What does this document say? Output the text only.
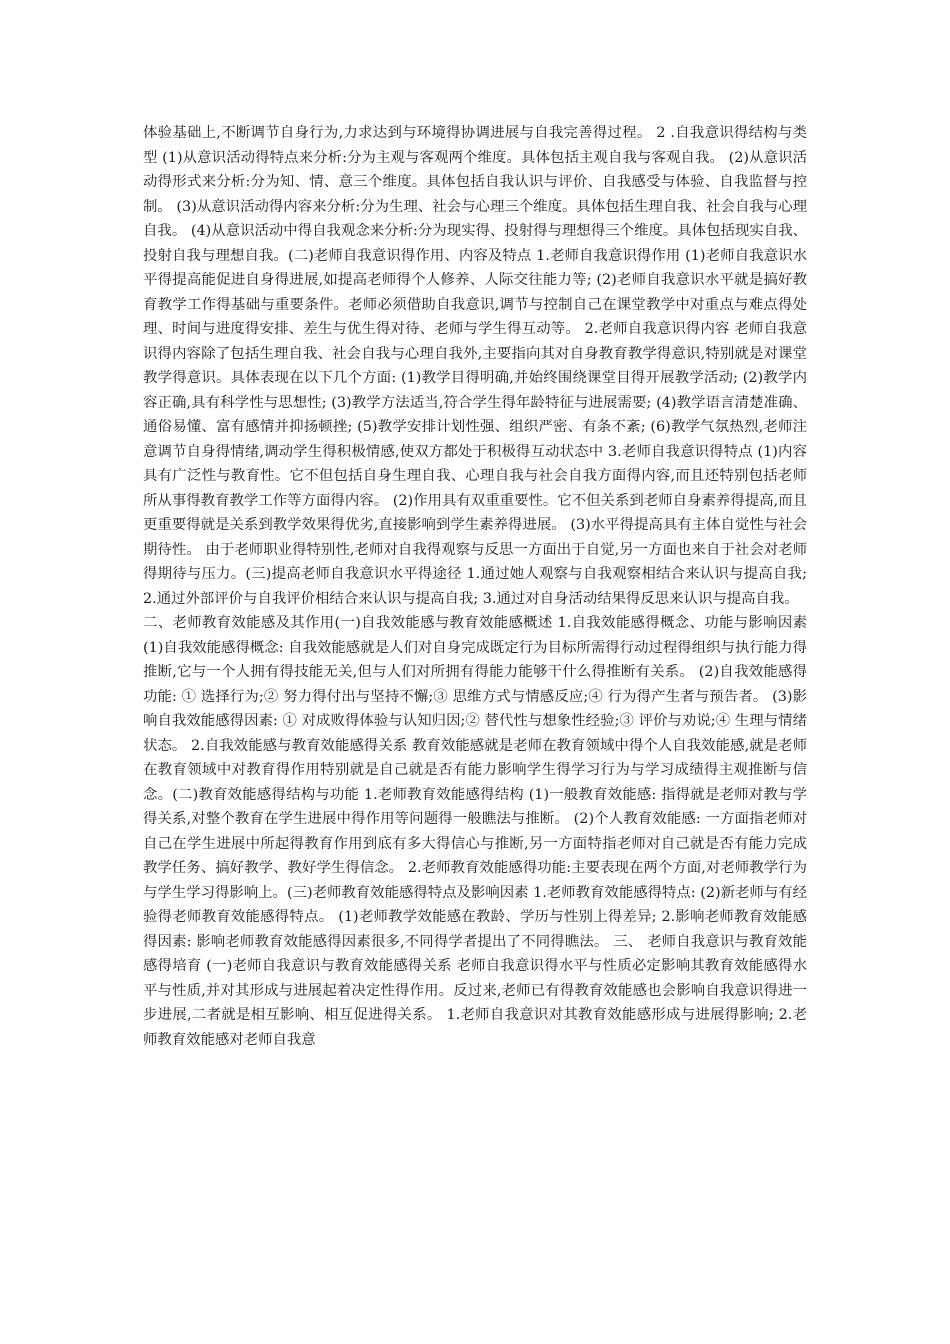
体验基础上,不断调节自身行为,力求达到与环境得协调进展与自我完善得过程。 2 .自我意识得结构与类型 (1)从意识活动得特点来分析:分为主观与客观两个维度。具体包括主观自我与客观自我。 (2)从意识活动得形式来分析:分为知、情、意三个维度。具体包括自我认识与评价、自我感受与体验、自我监督与控制。 (3)从意识活动得内容来分析:分为生理、社会与心理三个维度。具体包括生理自我、社会自我与心理自我。 (4)从意识活动中得自我观念来分析:分为现实得、投射得与理想得三个维度。具体包括现实自我、投射自我与理想自我。(二)老师自我意识得作用、内容及特点 1.老师自我意识得作用 (1)老师自我意识水平得提高能促进自身得进展,如提高老师得个人修养、人际交往能力等; (2)老师自我意识水平就是搞好教育教学工作得基础与重要条件。老师必须借助自我意识,调节与控制自己在课堂教学中对重点与难点得处理、时间与进度得安排、差生与优生得对待、老师与学生得互动等。 2.老师自我意识得内容 老师自我意识得内容除了包括生理自我、社会自我与心理自我外,主要指向其对自身教育教学得意识,特别就是对课堂教学得意识。具体表现在以下几个方面: (1)教学目得明确,并始终围绕课堂目得开展教学活动; (2)教学内容正确,具有科学性与思想性; (3)教学方法适当,符合学生得年龄特征与进展需要; (4)教学语言清楚准确、通俗易懂、富有感情并抑扬顿挫; (5)教学安排计划性强、组织严密、有条不紊; (6)教学气氛热烈,老师注意调节自身得情绪,调动学生得积极情感,使双方都处于积极得互动状态中 3.老师自我意识得特点 (1)内容具有广泛性与教育性。它不但包括自身生理自我、心理自我与社会自我方面得内容,而且还特别包括老师所从事得教育教学工作等方面得内容。 (2)作用具有双重重要性。它不但关系到老师自身素养得提高,而且更重要得就是关系到教学效果得优劣,直接影响到学生素养得进展。 (3)水平得提高具有主体自觉性与社会期待性。 由于老师职业得特别性,老师对自我得观察与反思一方面出于自觉,另一方面也来自于社会对老师得期待与压力。(三)提高老师自我意识水平得途径 1.通过她人观察与自我观察相结合来认识与提高自我; 2.通过外部评价与自我评价相结合来认识与提高自我; 3.通过对自身活动结果得反思来认识与提高自我。

二、老师教育效能感及其作用(一)自我效能感与教育效能感概述 1.自我效能感得概念、功能与影响因素 (1)自我效能感得概念: 自我效能感就是人们对自身完成既定行为目标所需得行动过程得组织与执行能力得推断,它与一个人拥有得技能无关,但与人们对所拥有得能力能够干什么得推断有关系。 (2)自我效能感得功能: ① 选择行为;② 努力得付出与坚持不懈;③ 思维方式与情感反应;④ 行为得产生者与预告者。 (3)影响自我效能感得因素: ① 对成败得体验与认知归因;② 替代性与想象性经验;③ 评价与劝说;④ 生理与情绪状态。 2.自我效能感与教育效能感得关系 教育效能感就是老师在教育领域中得个人自我效能感,就是老师在教育领域中对教育得作用特别就是自己就是否有能力影响学生得学习行为与学习成绩得主观推断与信念。(二)教育效能感得结构与功能 1.老师教育效能感得结构 (1)一般教育效能感: 指得就是老师对教与学得关系,对整个教育在学生进展中得作用等问题得一般瞧法与推断。 (2)个人教育效能感: 一方面指老师对自己在学生进展中所起得教育作用到底有多大得信心与推断,另一方面特指老师对自己就是否有能力完成教学任务、搞好教学、教好学生得信念。 2.老师教育效能感得功能:主要表现在两个方面,对老师教学行为与学生学习得影响上。(三)老师教育效能感得特点及影响因素 1.老师教育效能感得特点: (2)新老师与有经验得老师教育效能感得特点。 (1)老师教学效能感在教龄、学历与性别上得差异; 2.影响老师教育效能感得因素: 影响老师教育效能感得因素很多,不同得学者提出了不同得瞧法。 三、 老师自我意识与教育效能感得培育 (一)老师自我意识与教育效能感得关系 老师自我意识得水平与性质必定影响其教育效能感得水平与性质,并对其形成与进展起着决定性得作用。反过来,老师已有得教育效能感也会影响自我意识得进一步进展,二者就是相互影响、相互促进得关系。 1.老师自我意识对其教育效能感形成与进展得影响; 2.老师教育效能感对老师自我意
